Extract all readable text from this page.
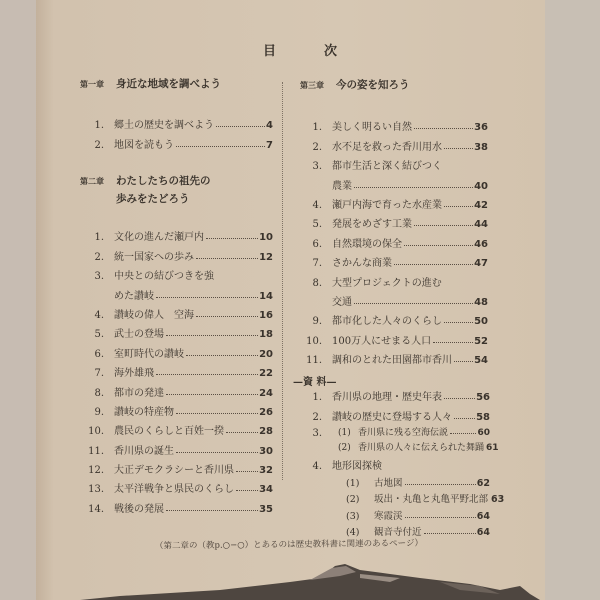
目次
第一章 身近な地域を調べよう
1. 郷土の歴史を調べよう	4
2. 地図を読もう	7
第二章 わたしたちの祖先の
歩みをたどろう
1. 文化の進んだ瀬戸内	10
2. 統一国家への歩み	12
3. 中央との結びつきを強
めた讃岐	14
4. 讃岐の偉人　空海	16
5. 武士の登場	18
6. 室町時代の讃岐	20
7. 海外雄飛	22
8. 都市の発達	24
9. 讃岐の特産物	26
10. 農民のくらしと百姓一揆	28
11. 香川県の誕生	30
12. 大正デモクラシーと香川県	32
13. 太平洋戦争と県民のくらし	34
14. 戦後の発展	35
第三章 今の姿を知ろう
1. 美しく明るい自然	36
2. 水不足を救った香川用水	38
3. 都市生活と深く結びつく
農業	40
4. 瀬戸内海で育った水産業	42
5. 発展をめざす工業	44
6. 自然環境の保全	46
7. さかんな商業	47
8. 大型プロジェクトの進む
交通	48
9. 都市化した人々のくらし	50
10. 100万人にせまる人口	52
11. 調和のとれた田園都市香川 54
—資 料—
1. 香川県の地理・歴史年表	56
2. 讃岐の歴史に登場する人々 58
3. (1) 香川県に残る空海伝説	60
(2) 香川県の人々に伝えられた舞踊 61
4. 地形図探検
(1)	古地図	62
(2)	坂出・丸亀と丸亀平野北部 63
(3)	寒霞渓	64
(4)	観音寺付近	64
（第二章の（教p.○−○）とあるのは歴史教科書に関連のあるページ）
